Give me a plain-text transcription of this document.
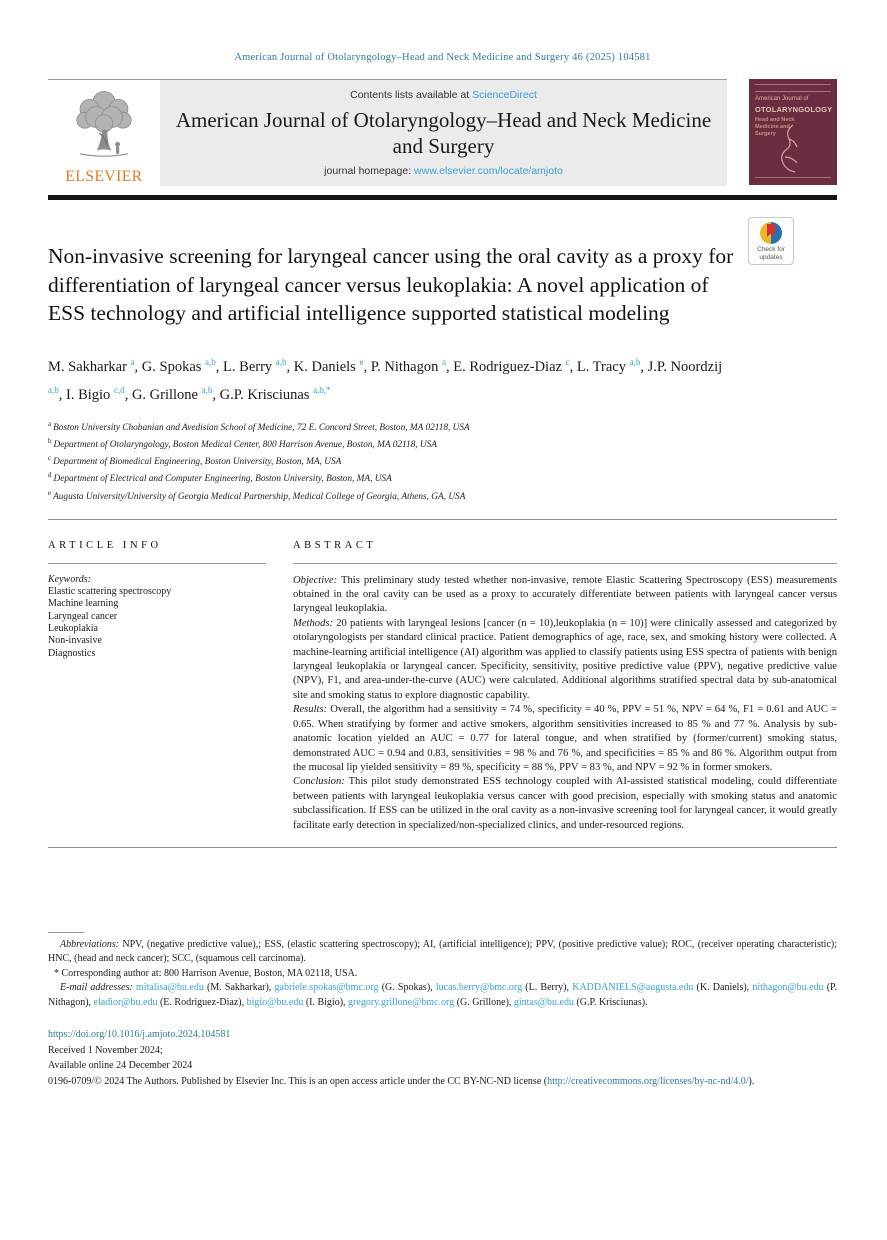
American Journal of Otolaryngology–Head and Neck Medicine and Surgery 46 (2025) 104581
ELSEVIER
Contents lists available at ScienceDirect
American Journal of Otolaryngology–Head and Neck Medicine and Surgery
journal homepage: www.elsevier.com/locate/amjoto
American Journal of
OTOLARYNGOLOGY
Head and Neck Medicine and Surgery
Non-invasive screening for laryngeal cancer using the oral cavity as a proxy for differentiation of laryngeal cancer versus leukoplakia: A novel application of ESS technology and artificial intelligence supported statistical modeling
Check for
updates
M. Sakharkar $^a$ , G. Spokas $^{a,b}$ , L. Berry $^{a,b}$ , K. Daniels $^e$ , P. Nithagon $^a$ , E. Rodriguez-Diaz $^c$ , L. Tracy $^{a,b}$ , J.P. Noordzij $^{a,b}$ , I. Bigio $^{c,d}$ , G. Grillone $^{a,b}$ , G.P. Krisciunas $^{a,b,*}$
$^a$ Boston University Chobanian and Avedisian School of Medicine, 72 E. Concord Street, Boston, MA 02118, USA
$^b$ Department of Otolaryngology, Boston Medical Center, 800 Harrison Avenue, Boston, MA 02118, USA
$^c$ Department of Biomedical Engineering, Boston University, Boston, MA, USA
$^d$ Department of Electrical and Computer Engineering, Boston University, Boston, MA, USA
$^e$ Augusta University/University of Georgia Medical Partnership, Medical College of Georgia, Athens, GA, USA
ARTICLE INFO
Keywords:
Elastic scattering spectroscopy
Machine learning
Laryngeal cancer
Leukoplakia
Non-invasive
Diagnostics
ABSTRACT

Objective: This preliminary study tested whether non-invasive, remote Elastic Scattering Spectroscopy (ESS) measurements obtained in the oral cavity can be used as a proxy to accurately differentiate between patients with laryngeal cancer versus laryngeal leukoplakia.

Methods: 20 patients with laryngeal lesions [cancer (n = 10),leukoplakia (n = 10)] were clinically assessed and categorized by otolaryngologists per standard clinical practice. Patient demographics of age, race, sex, and smoking history were collected. A machine-learning artificial intelligence (AI) algorithm was applied to classify patients using ESS spectra of patients with benign laryngeal leukoplakia or laryngeal cancer. Specificity, sensitivity, positive predictive value (PPV), negative predictive value (NPV), F1, and area-under-the-curve (AUC) were calculated. Additional algorithms stratified spectral data by sub-anatomical site and smoking status to explore diagnostic capability.

Results: Overall, the algorithm had a sensitivity = 74 %, specificity = 40 %, PPV = 51 %, NPV = 64 %, F1 = 0.61 and AUC = 0.65. When stratifying by former and active smokers, algorithm sensitivities increased to 85 % and 77 %. Analysis by sub-anatomic location yielded an AUC = 0.77 for lateral tongue, and when stratified by (former/current) smoking status, demonstrated AUC = 0.94 and 0.83, sensitivities = 98 % and 76 %, and specificities = 85 % and 86 %. Algorithm output from the mucosal lip yielded sensitivity = 89 %, specificity = 88 %, PPV = 83 %, and NPV = 92 % in former smokers.

Conclusion: This pilot study demonstrated ESS technology coupled with AI-assisted statistical modeling, could differentiate between patients with laryngeal leukoplakia versus cancer with good precision, especially with smoking status and anatomic subclassification. If ESS can be utilized in the oral cavity as a non-invasive screening tool for laryngeal cancer, it would greatly facilitate early detection in specialized/non-specialized clinics, and under-resourced regions.

Abbreviations: NPV, (negative predictive value),; ESS, (elastic scattering spectroscopy); AI, (artificial intelligence); PPV, (positive predictive value); ROC, (receiver operating characteristic); HNC, (head and neck cancer); SCC, (squamous cell carcinoma).

* Corresponding author at: 800 Harrison Avenue, Boston, MA 02118, USA.

E-mail addresses: mitalisa@bu.edu (M. Sakharkar), gabriele.spokas@bmc.org (G. Spokas), lucas.berry@bmc.org (L. Berry), KADDANIELS@augusta.edu (K. Daniels), nithagon@bu.edu (P. Nithagon), eladior@bu.edu (E. Rodriguez-Diaz), bigio@bu.edu (I. Bigio), gregory.grillone@bmc.org (G. Grillone), gintas@bu.edu (G.P. Krisciunas).

https://doi.org/10.1016/j.amjoto.2024.104581
Received 1 November 2024;
Available online 24 December 2024

0196-0709/© 2024 The Authors. Published by Elsevier Inc. This is an open access article under the CC BY-NC-ND license (http://creativecommons.org/licenses/by-nc-nd/4.0/).
